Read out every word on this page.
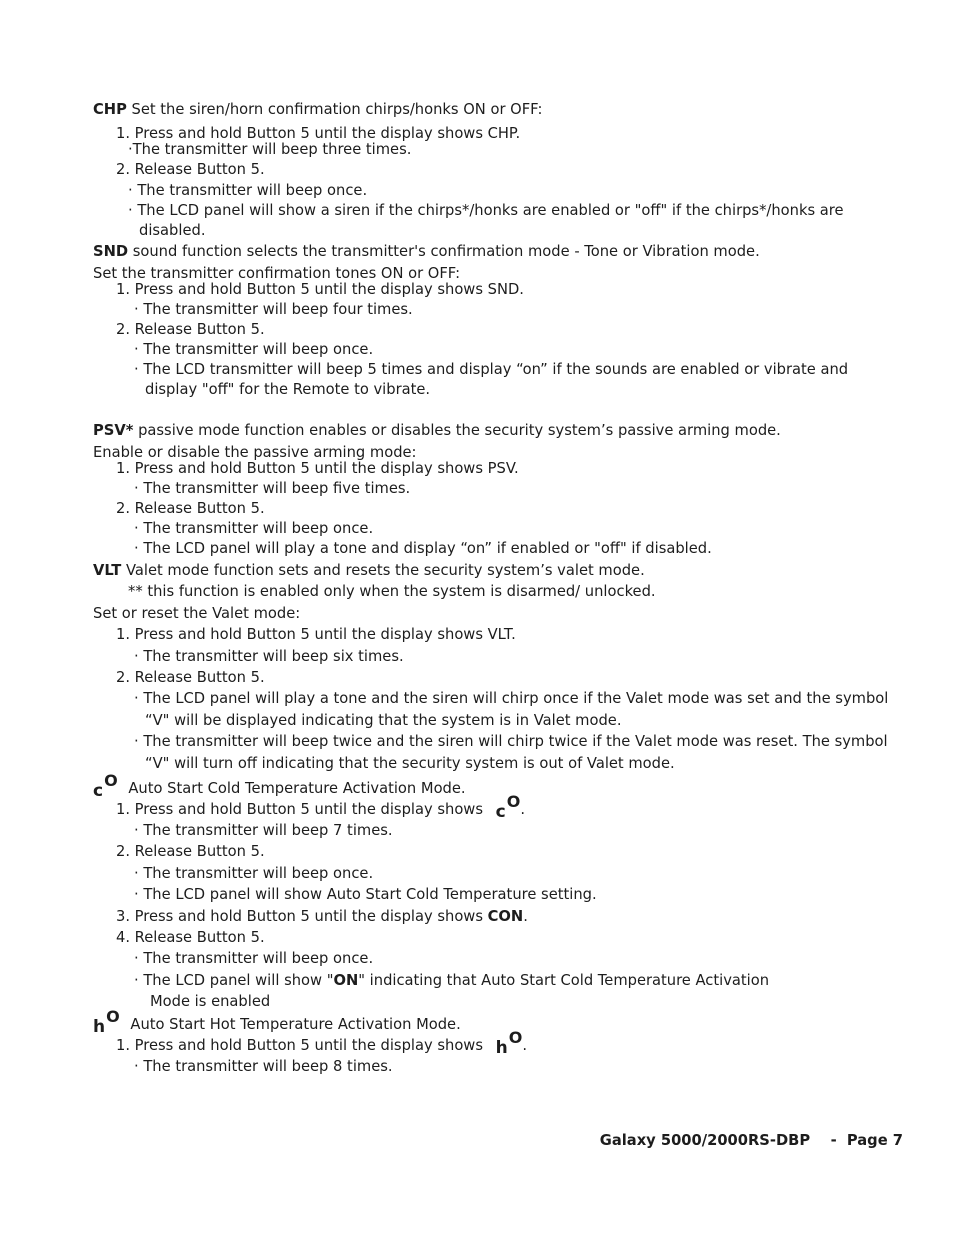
CHP Set the siren/horn confirmation chirps/honks ON or OFF:
1. Press and hold Button 5 until the display shows CHP.
·The transmitter will beep three times.
2. Release Button 5.
· The transmitter will beep once.
· The LCD panel will show a siren if the chirps*/honks are enabled or "off" if the chirps*/honks are
disabled.
SND sound function selects the transmitter's confirmation mode - Tone or Vibration mode.
Set the transmitter confirmation tones ON or OFF:
1. Press and hold Button 5 until the display shows SND.
· The transmitter will beep four times.
2. Release Button 5.
· The transmitter will beep once.
· The LCD transmitter will beep 5 times and display “on” if the sounds are enabled or vibrate and
display "off" for the Remote to vibrate.
PSV* passive mode function enables or disables the security system’s passive arming mode.
Enable or disable the passive arming mode:
1. Press and hold Button 5 until the display shows PSV.
· The transmitter will beep five times.
2. Release Button 5.
· The transmitter will beep once.
· The LCD panel will play a tone and display “on” if enabled or "off" if disabled.
VLT Valet mode function sets and resets the security system’s valet mode.
** this function is enabled only when the system is disarmed/ unlocked.
Set or reset the Valet mode:
1. Press and hold Button 5 until the display shows VLT.
· The transmitter will beep six times.
2. Release Button 5.
· The LCD panel will play a tone and the siren will chirp once if the Valet mode was set and the symbol
“V" will be displayed indicating that the system is in Valet mode.
· The transmitter will beep twice and the siren will chirp twice if the Valet mode was reset. The symbol
“V" will turn off indicating that the security system is out of Valet mode.
cO Auto Start Cold Temperature Activation Mode.
1. Press and hold Button 5 until the display shows cO.
· The transmitter will beep 7 times.
2. Release Button 5.
· The transmitter will beep once.
· The LCD panel will show Auto Start Cold Temperature setting.
3. Press and hold Button 5 until the display shows CON.
4. Release Button 5.
· The transmitter will beep once.
· The LCD panel will show "ON" indicating that Auto Start Cold Temperature Activation
Mode is enabled
hO Auto Start Hot Temperature Activation Mode.
1. Press and hold Button 5 until the display shows hO.
· The transmitter will beep 8 times.
Galaxy 5000/2000RS-DBP    -  Page 7
